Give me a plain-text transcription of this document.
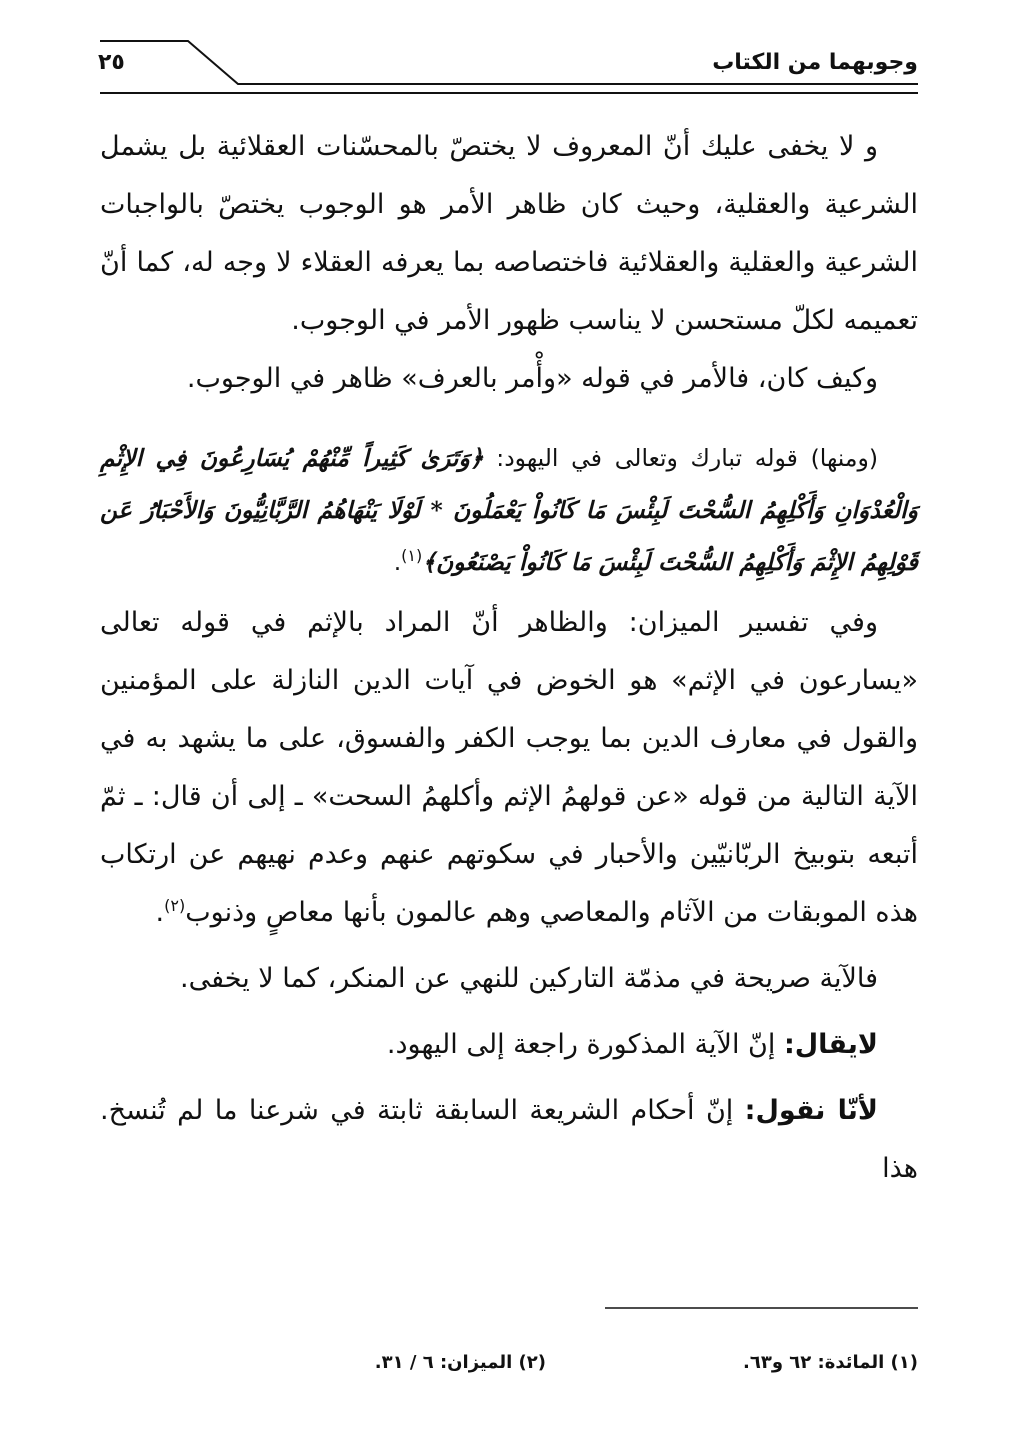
وجوبهما من الكتاب
٢٥

و لا يخفى عليك أنّ المعروف لا يختصّ بالمحسّنات العقلائية بل يشمل الشرعية والعقلية، وحيث كان ظاهر الأمر هو الوجوب يختصّ بالواجبات الشرعية والعقلية والعقلائية فاختصاصه بما يعرفه العقلاء لا وجه له، كما أنّ تعميمه لكلّ مستحسن لا يناسب ظهور الأمر في الوجوب.

وكيف كان، فالأمر في قوله «وأْمر بالعرف» ظاهر في الوجوب.

(ومنها) قوله تبارك وتعالى في اليهود: ﴿وَتَرَىٰ كَثِيراً مِّنْهُمْ يُسَارِعُونَ فِي الإِثْمِ وَالْعُدْوَانِ وَأَكْلِهِمُ السُّحْتَ لَبِئْسَ مَا كَانُواْ يَعْمَلُونَ * لَوْلَا يَنْهَاهُمُ الرَّبَّانِيُّونَ وَالأَحْبَارُ عَن قَوْلِهِمُ الإِثْمَ وَأَكْلِهِمُ السُّحْتَ لَبِئْسَ مَا كَانُواْ يَصْنَعُونَ﴾$^{(١)}$.

وفي تفسير الميزان: والظاهر أنّ المراد بالإثم في قوله تعالى «يسارعون في الإثم» هو الخوض في آيات الدين النازلة على المؤمنين والقول في معارف الدين بما يوجب الكفر والفسوق، على ما يشهد به في الآية التالية من قوله «عن قولهمُ الإثم وأكلهمُ السحت» ـ إلى أن قال: ـ ثمّ أتبعه بتوبيخ الربّانيّين والأحبار في سكوتهم عنهم وعدم نهيهم عن ارتكاب هذه الموبقات من الآثام والمعاصي وهم عالمون بأنها معاصٍ وذنوب$^{(٢)}$.

فالآية صريحة في مذمّة التاركين للنهي عن المنكر، كما لا يخفى.

لايقال: إنّ الآية المذكورة راجعة إلى اليهود.

لأنّا نقول: إنّ أحكام الشريعة السابقة ثابتة في شرعنا ما لم تُنسخ. هذا

(١) المائدة: ٦٢ و٦٣.
(٢) الميزان: ٦ / ٣١.
